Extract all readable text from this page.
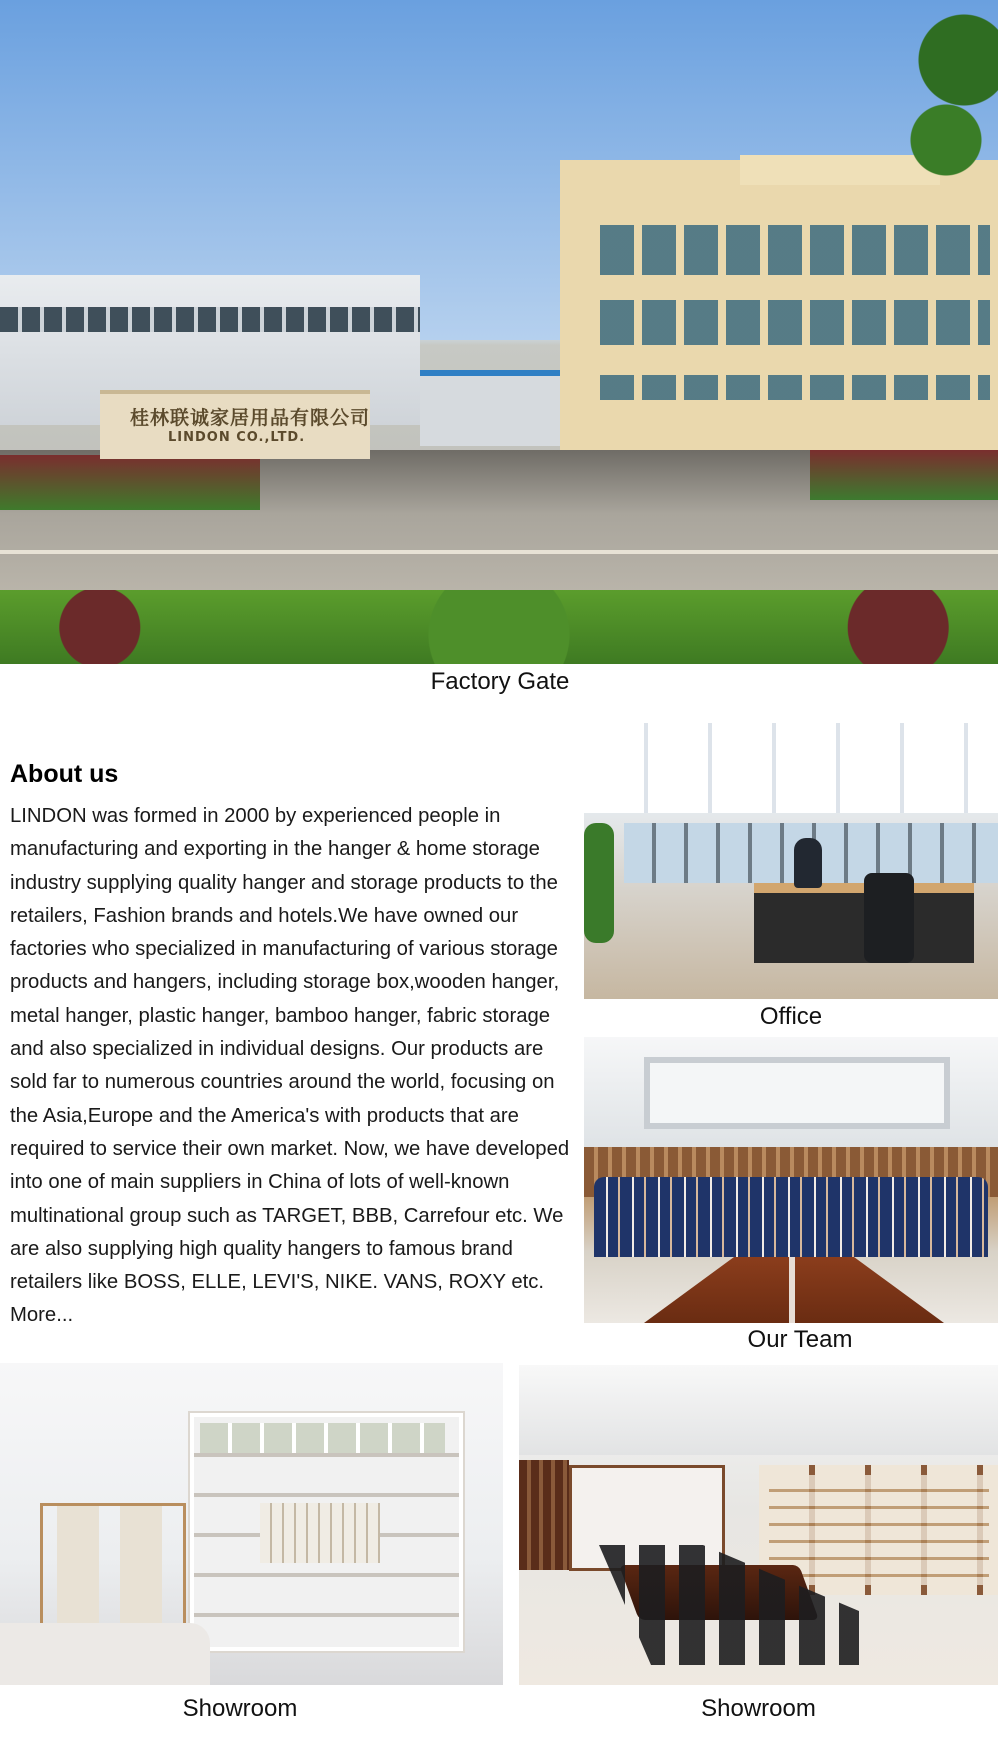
桂林联诚家居用品有限公司
LINDON CO.,LTD.
Factory Gate
About us
LINDON was formed in 2000 by experienced people in manufacturing and exporting in the hanger & home storage industry supplying quality hanger and storage products to the retailers, Fashion brands and hotels.We have owned our factories who specialized in manufacturing of various storage products and hangers, including storage box,wooden hanger, metal hanger, plastic hanger, bamboo hanger, fabric storage and also specialized in individual designs. Our products are sold far to numerous countries around the world, focusing on the Asia,Europe and the America's with products that are required to service their own market. Now, we have developed into one of main suppliers in China of lots of well-known multinational group such as TARGET, BBB, Carrefour etc. We are also supplying high quality hangers to famous brand retailers like BOSS, ELLE, LEVI'S, NIKE. VANS, ROXY etc. More...
Office
Our Team
Showroom	Showroom
